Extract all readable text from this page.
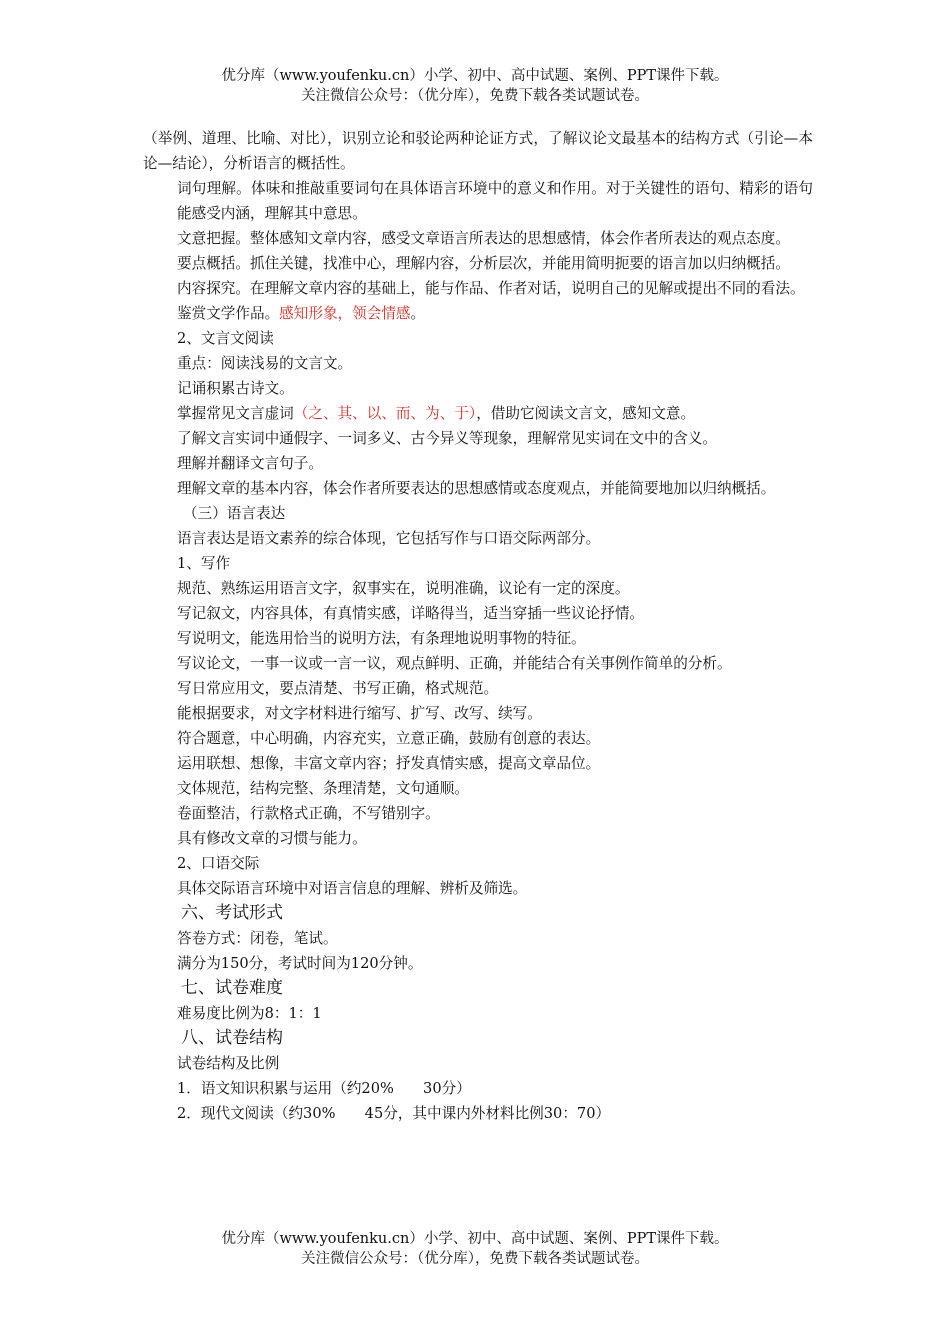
优分库（www.youfenku.cn）小学、初中、高中试题、案例、PPT课件下载。
关注微信公众号：（优分库），免费下载各类试题试卷。

（举例、道理、比喻、对比），识别立论和驳论两种论证方式，了解议论文最基本的结构方式（引论—本论—结论），分析语言的概括性。

词句理解。体味和推敲重要词句在具体语言环境中的意义和作用。对于关键性的语句、精彩的语句能感受内涵，理解其中意思。

文意把握。整体感知文章内容，感受文章语言所表达的思想感情，体会作者所表达的观点态度。

要点概括。抓住关键，找准中心，理解内容，分析层次，并能用简明扼要的语言加以归纳概括。

内容探究。在理解文章内容的基础上，能与作品、作者对话，说明自己的见解或提出不同的看法。

鉴赏文学作品。感知形象，领会情感。

2、文言文阅读

重点：阅读浅易的文言文。

记诵积累古诗文。

掌握常见文言虚词（之、其、以、而、为、于），借助它阅读文言文，感知文意。

了解文言实词中通假字、一词多义、古今异义等现象，理解常见实词在文中的含义。

理解并翻译文言句子。

理解文章的基本内容，体会作者所要表达的思想感情或态度观点，并能简要地加以归纳概括。

（三）语言表达

语言表达是语文素养的综合体现，它包括写作与口语交际两部分。

1、写作

规范、熟练运用语言文字，叙事实在，说明准确，议论有一定的深度。

写记叙文，内容具体，有真情实感，详略得当，适当穿插一些议论抒情。

写说明文，能选用恰当的说明方法，有条理地说明事物的特征。

写议论文，一事一议或一言一议，观点鲜明、正确，并能结合有关事例作简单的分析。

写日常应用文，要点清楚、书写正确，格式规范。

能根据要求，对文字材料进行缩写、扩写、改写、续写。

符合题意，中心明确，内容充实，立意正确，鼓励有创意的表达。

运用联想、想像，丰富文章内容；抒发真情实感，提高文章品位。

文体规范，结构完整、条理清楚，文句通顺。

卷面整洁，行款格式正确，不写错别字。

具有修改文章的习惯与能力。

2、口语交际

具体交际语言环境中对语言信息的理解、辨析及筛选。

六、考试形式

答卷方式：闭卷，笔试。

满分为150分，考试时间为120分钟。

七、试卷难度

难易度比例为8：1：1

八、试卷结构

试卷结构及比例

1．语文知识积累与运用（约20%　　30分）

2．现代文阅读（约30%　　45分，其中课内外材料比例30：70）

优分库（www.youfenku.cn）小学、初中、高中试题、案例、PPT课件下载。
关注微信公众号：（优分库），免费下载各类试题试卷。
